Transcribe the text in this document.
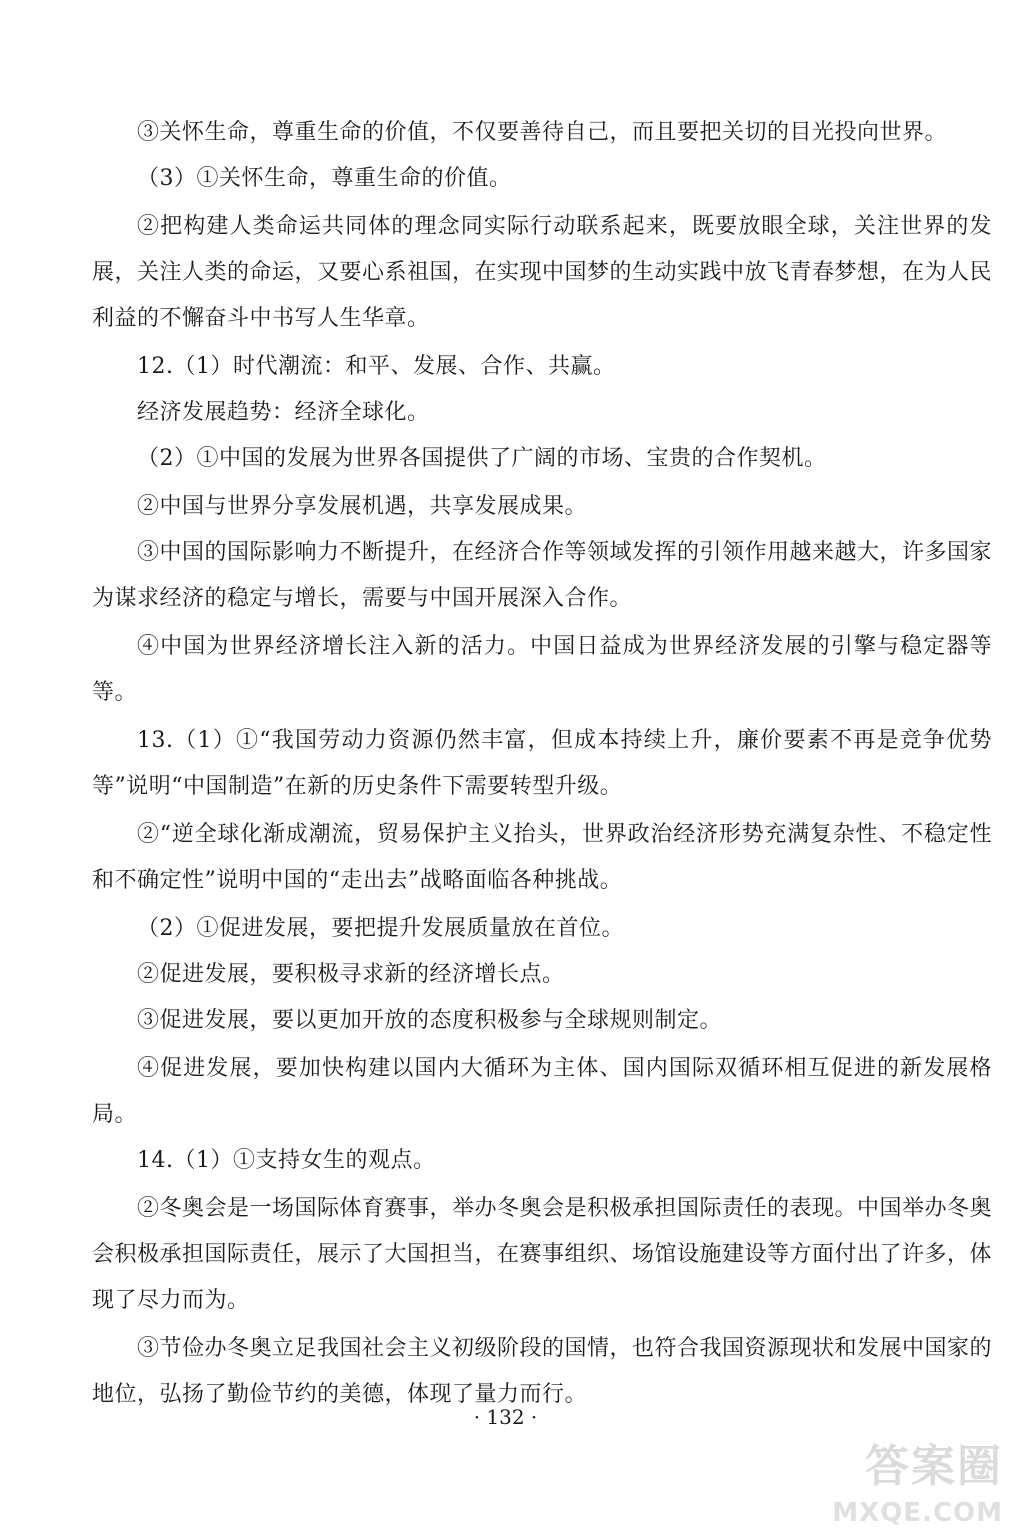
③关怀生命，尊重生命的价值，不仅要善待自己，而且要把关切的目光投向世界。

（3）①关怀生命，尊重生命的价值。

②把构建人类命运共同体的理念同实际行动联系起来，既要放眼全球，关注世界的发展，关注人类的命运，又要心系祖国，在实现中国梦的生动实践中放飞青春梦想，在为人民利益的不懈奋斗中书写人生华章。

12.（1）时代潮流：和平、发展、合作、共赢。

经济发展趋势：经济全球化。

（2）①中国的发展为世界各国提供了广阔的市场、宝贵的合作契机。

②中国与世界分享发展机遇，共享发展成果。

③中国的国际影响力不断提升，在经济合作等领域发挥的引领作用越来越大，许多国家为谋求经济的稳定与增长，需要与中国开展深入合作。

④中国为世界经济增长注入新的活力。中国日益成为世界经济发展的引擎与稳定器等等。

13.（1）①“我国劳动力资源仍然丰富，但成本持续上升，廉价要素不再是竞争优势等”说明“中国制造”在新的历史条件下需要转型升级。

②“逆全球化渐成潮流，贸易保护主义抬头，世界政治经济形势充满复杂性、不稳定性和不确定性”说明中国的“走出去”战略面临各种挑战。

（2）①促进发展，要把提升发展质量放在首位。

②促进发展，要积极寻求新的经济增长点。

③促进发展，要以更加开放的态度积极参与全球规则制定。

④促进发展，要加快构建以国内大循环为主体、国内国际双循环相互促进的新发展格局。

14.（1）①支持女生的观点。

②冬奥会是一场国际体育赛事，举办冬奥会是积极承担国际责任的表现。中国举办冬奥会积极承担国际责任，展示了大国担当，在赛事组织、场馆设施建设等方面付出了许多，体现了尽力而为。

③节俭办冬奥立足我国社会主义初级阶段的国情，也符合我国资源现状和发展中国家的地位，弘扬了勤俭节约的美德，体现了量力而行。

· 132 ·
答案圈
MXQE.COM
